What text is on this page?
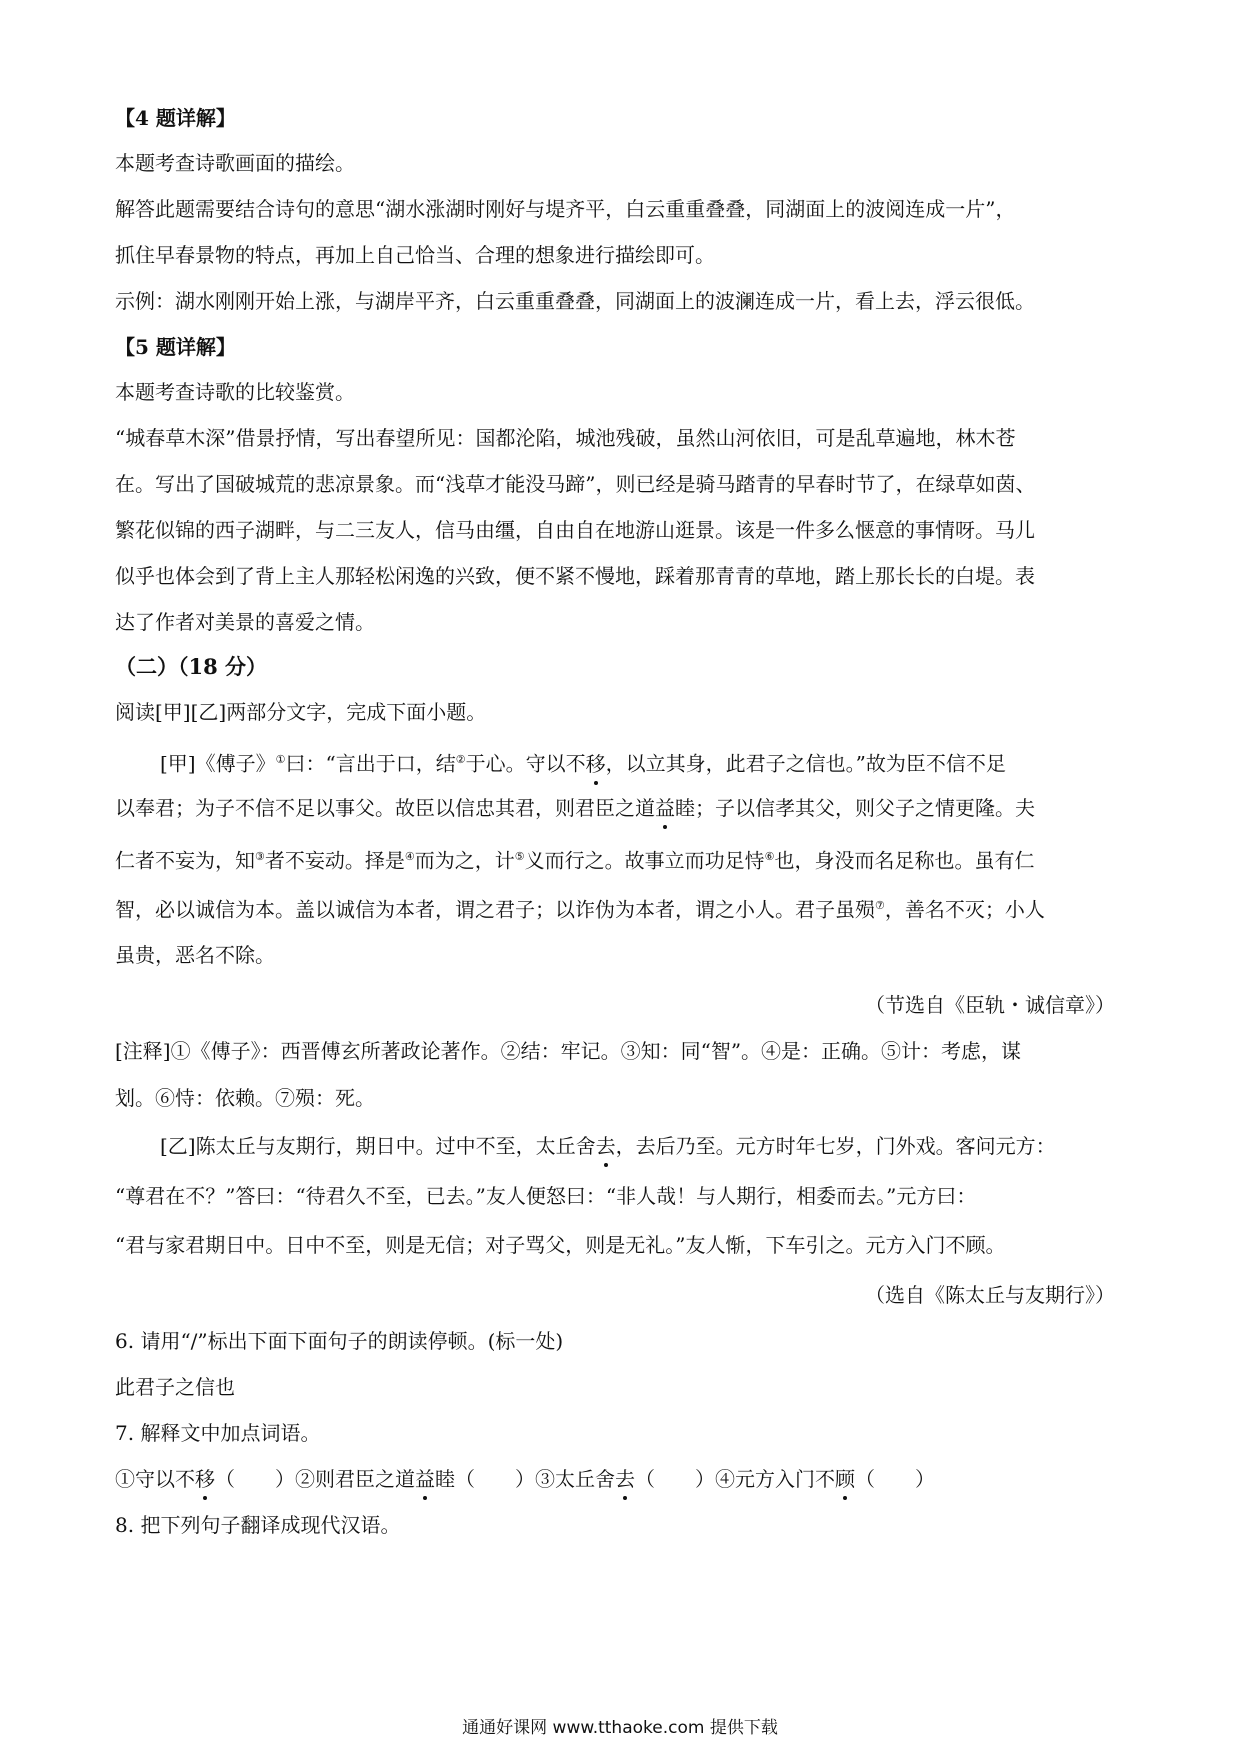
【4 题详解】
本题考查诗歌画面的描绘。
解答此题需要结合诗句的意思“湖水涨湖时刚好与堤齐平，白云重重叠叠，同湖面上的波阅连成一片”，
抓住早春景物的特点，再加上自己恰当、合理的想象进行描绘即可。
示例：湖水刚刚开始上涨，与湖岸平齐，白云重重叠叠，同湖面上的波澜连成一片，看上去，浮云很低。
【5 题详解】
本题考查诗歌的比较鉴赏。
“城春草木深”借景抒情，写出春望所见：国都沦陷，城池残破，虽然山河依旧，可是乱草遍地，林木苍
在。写出了国破城荒的悲凉景象。而“浅草才能没马蹄”，则已经是骑马踏青的早春时节了，在绿草如茵、
繁花似锦的西子湖畔，与二三友人，信马由缰，自由自在地游山逛景。该是一件多么惬意的事情呀。马儿
似乎也体会到了背上主人那轻松闲逸的兴致，便不紧不慢地，踩着那青青的草地，踏上那长长的白堤。表
达了作者对美景的喜爱之情。
（二）（18 分）
阅读[甲][乙]两部分文字，完成下面小题。
[甲]《傅子》①曰：“言出于口，结②于心。守以不移，以立其身，此君子之信也。”故为臣不信不足
以奉君；为子不信不足以事父。故臣以信忠其君，则君臣之道益睦；子以信孝其父，则父子之情更隆。夫
仁者不妄为，知③者不妄动。择是④而为之，计⑤义而行之。故事立而功足恃⑥也，身没而名足称也。虽有仁
智，必以诚信为本。盖以诚信为本者，谓之君子；以诈伪为本者，谓之小人。君子虽殒⑦，善名不灭；小人
虽贵，恶名不除。
（节选自《臣轨・诚信章》）
[注释]①《傅子》：西晋傅玄所著政论著作。②结：牢记。③知：同“智”。④是：正确。⑤计：考虑，谋
划。⑥恃：依赖。⑦殒：死。
[乙]陈太丘与友期行，期日中。过中不至，太丘舍去，去后乃至。元方时年七岁，门外戏。客问元方：
“尊君在不？”答曰：“待君久不至，已去。”友人便怒曰：“非人哉！与人期行，相委而去。”元方曰：
“君与家君期日中。日中不至，则是无信；对子骂父，则是无礼。”友人惭，下车引之。元方入门不顾。
（选自《陈太丘与友期行》）
6. 请用“/”标出下面下面句子的朗读停顿。(标一处)
此君子之信也
7. 解释文中加点词语。
①守以不移（　　）②则君臣之道益睦（　　）③太丘舍去（　　）④元方入门不顾（　　）
8. 把下列句子翻译成现代汉语。
通通好课网 www.tthaoke.com 提供下载
